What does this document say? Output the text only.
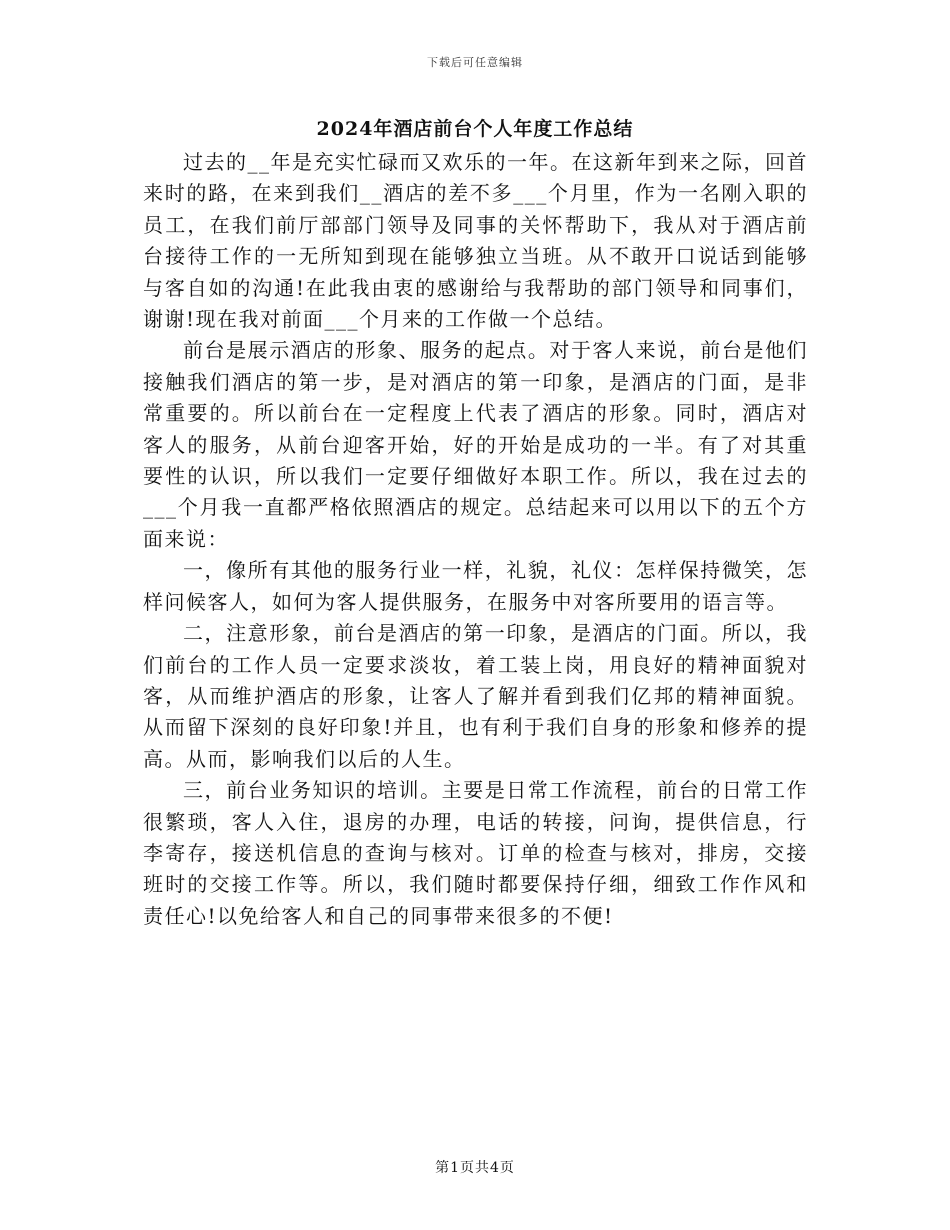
下载后可任意编辑
2024年酒店前台个人年度工作总结

过去的__年是充实忙碌而又欢乐的一年。在这新年到来之际，回首来时的路，在来到我们__酒店的差不多___个月里，作为一名刚入职的员工，在我们前厅部部门领导及同事的关怀帮助下，我从对于酒店前台接待工作的一无所知到现在能够独立当班。从不敢开口说话到能够与客自如的沟通!在此我由衷的感谢给与我帮助的部门领导和同事们，谢谢!现在我对前面___个月来的工作做一个总结。

前台是展示酒店的形象、服务的起点。对于客人来说，前台是他们接触我们酒店的第一步，是对酒店的第一印象，是酒店的门面，是非常重要的。所以前台在一定程度上代表了酒店的形象。同时，酒店对客人的服务，从前台迎客开始，好的开始是成功的一半。有了对其重要性的认识，所以我们一定要仔细做好本职工作。所以，我在过去的___个月我一直都严格依照酒店的规定。总结起来可以用以下的五个方面来说：

一，像所有其他的服务行业一样，礼貌，礼仪：怎样保持微笑，怎样问候客人，如何为客人提供服务，在服务中对客所要用的语言等。

二，注意形象，前台是酒店的第一印象，是酒店的门面。所以，我们前台的工作人员一定要求淡妆，着工装上岗，用良好的精神面貌对客，从而维护酒店的形象，让客人了解并看到我们亿邦的精神面貌。从而留下深刻的良好印象!并且，也有利于我们自身的形象和修养的提高。从而，影响我们以后的人生。

三，前台业务知识的培训。主要是日常工作流程，前台的日常工作很繁琐，客人入住，退房的办理，电话的转接，问询，提供信息，行李寄存，接送机信息的查询与核对。订单的检查与核对，排房，交接班时的交接工作等。所以，我们随时都要保持仔细，细致工作作风和责任心!以免给客人和自己的同事带来很多的不便!

第1页共4页
